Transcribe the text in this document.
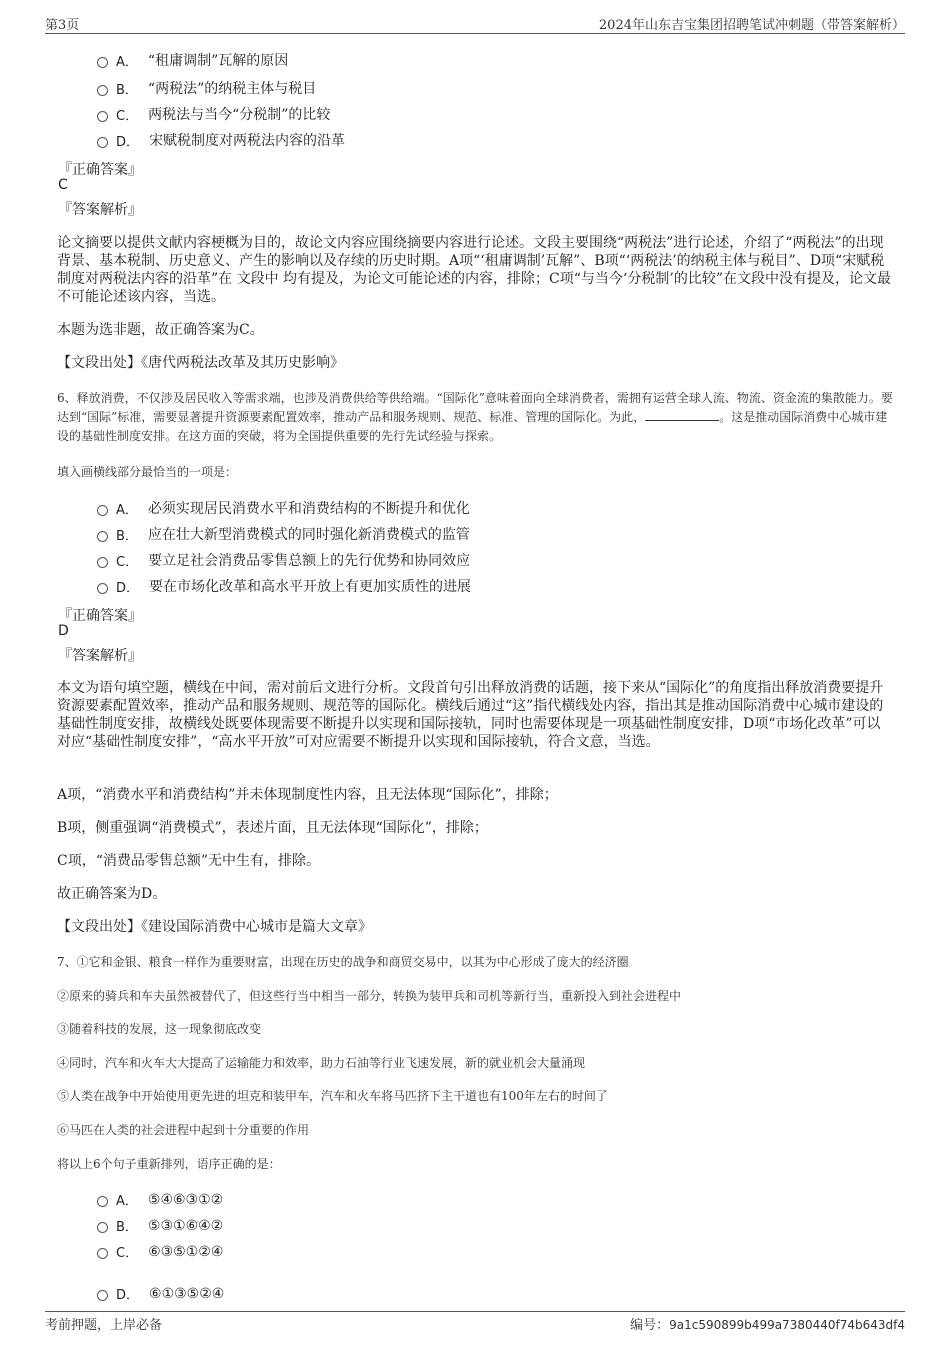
第3页	2024年山东吉宝集团招聘笔试冲刺题（带答案解析）
A． “租庸调制”瓦解的原因
B． “两税法”的纳税主体与税目
C． 两税法与当今“分税制”的比较
D． 宋赋税制度对两税法内容的沿革
『正确答案』
C
『答案解析』
论文摘要以提供文献内容梗概为目的，故论文内容应围绕摘要内容进行论述。文段主要围绕“两税法”进行论述，介绍了“两税法”的出现背景、基本税制、历史意义、产生的影响以及存续的历史时期。A项“‘租庸调制’瓦解”、B项“‘两税法’的纳税主体与税目”、D项“宋赋税制度对两税法内容的沿革”在 文段中 均有提及，为论文可能论述的内容，排除；C项“与当今‘分税制’的比较”在文段中没有提及，论文最不可能论述该内容，当选。
本题为选非题，故正确答案为C。
【文段出处】《唐代两税法改革及其历史影响》
6、释放消费，不仅涉及居民收入等需求端，也涉及消费供给等供给端。“国际化”意味着面向全球消费者，需拥有运营全球人流、物流、资金流的集散能力。要达到“国际”标准，需要显著提升资源要素配置效率，推动产品和服务规则、规范、标准、管理的国际化。为此，	。这是推动国际消费中心城市建设的基础性制度安排。在这方面的突破，将为全国提供重要的先行先试经验与探索。
填入画横线部分最恰当的一项是：
A． 必须实现居民消费水平和消费结构的不断提升和优化
B． 应在壮大新型消费模式的同时强化新消费模式的监管
C． 要立足社会消费品零售总额上的先行优势和协同效应
D． 要在市场化改革和高水平开放上有更加实质性的进展
『正确答案』
D
『答案解析』
本文为语句填空题，横线在中间，需对前后文进行分析。文段首句引出释放消费的话题，接下来从“国际化”的角度指出释放消费要提升资源要素配置效率，推动产品和服务规则、规范等的国际化。横线后通过“这”指代横线处内容，指出其是推动国际消费中心城市建设的基础性制度安排，故横线处既要体现需要不断提升以实现和国际接轨，同时也需要体现是一项基础性制度安排，D项“市场化改革”可以对应“基础性制度安排”，“高水平开放”可对应需要不断提升以实现和国际接轨，符合文意，当选。
A项，“消费水平和消费结构”并未体现制度性内容，且无法体现“国际化”，排除；
B项，侧重强调“消费模式”，表述片面，且无法体现“国际化”，排除；
C项，“消费品零售总额”无中生有，排除。
故正确答案为D。
【文段出处】《建设国际消费中心城市是篇大文章》
7、①它和金银、粮食一样作为重要财富，出现在历史的战争和商贸交易中，以其为中心形成了庞大的经济圈
②原来的骑兵和车夫虽然被替代了，但这些行当中相当一部分，转换为装甲兵和司机等新行当，重新投入到社会进程中
③随着科技的发展，这一现象彻底改变
④同时，汽车和火车大大提高了运输能力和效率，助力石油等行业飞速发展，新的就业机会大量涌现
⑤人类在战争中开始使用更先进的坦克和装甲车，汽车和火车将马匹挤下主干道也有100年左右的时间了
⑥马匹在人类的社会进程中起到十分重要的作用
将以上6个句子重新排列，语序正确的是：
A． ⑤④⑥③①②
B． ⑤③①⑥④②
C． ⑥③⑤①②④
D． ⑥①③⑤②④
考前押题，上岸必备	编号：9a1c590899b499a7380440f74b643df4
